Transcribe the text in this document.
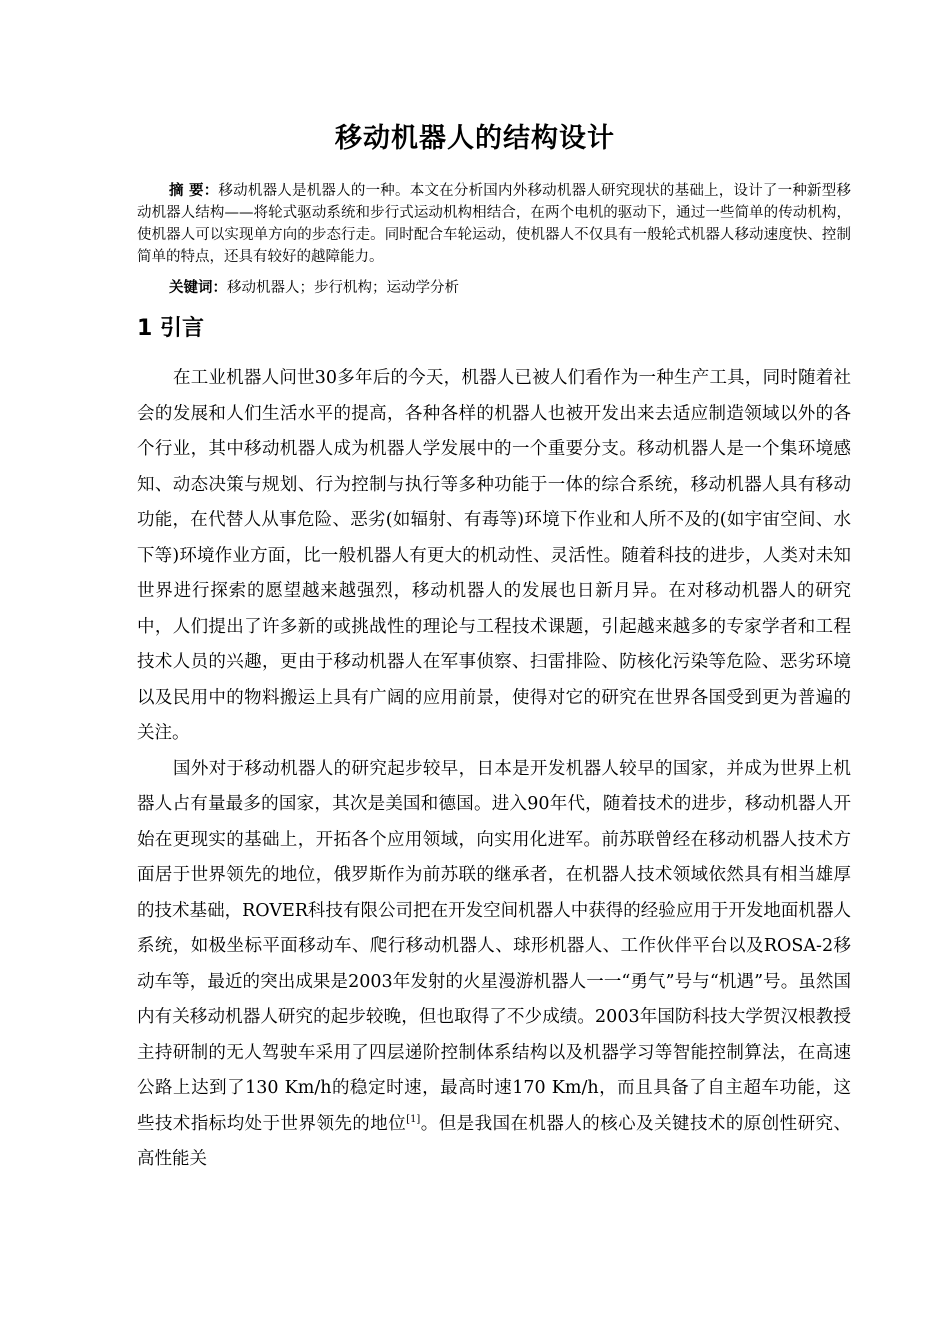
移动机器人的结构设计

摘 要：移动机器人是机器人的一种。本文在分析国内外移动机器人研究现状的基础上，设计了一种新型移动机器人结构——将轮式驱动系统和步行式运动机构相结合，在两个电机的驱动下，通过一些简单的传动机构，使机器人可以实现单方向的步态行走。同时配合车轮运动，使机器人不仅具有一般轮式机器人移动速度快、控制简单的特点，还具有较好的越障能力。

关键词：移动机器人；步行机构；运动学分析

1 引言

在工业机器人问世30多年后的今天，机器人已被人们看作为一种生产工具，同时随着社会的发展和人们生活水平的提高，各种各样的机器人也被开发出来去适应制造领域以外的各个行业，其中移动机器人成为机器人学发展中的一个重要分支。移动机器人是一个集环境感知、动态决策与规划、行为控制与执行等多种功能于一体的综合系统，移动机器人具有移动功能，在代替人从事危险、恶劣(如辐射、有毒等)环境下作业和人所不及的(如宇宙空间、水下等)环境作业方面，比一般机器人有更大的机动性、灵活性。随着科技的进步，人类对未知世界进行探索的愿望越来越强烈，移动机器人的发展也日新月异。在对移动机器人的研究中，人们提出了许多新的或挑战性的理论与工程技术课题，引起越来越多的专家学者和工程技术人员的兴趣，更由于移动机器人在军事侦察、扫雷排险、防核化污染等危险、恶劣环境以及民用中的物料搬运上具有广阔的应用前景，使得对它的研究在世界各国受到更为普遍的关注。

国外对于移动机器人的研究起步较早，日本是开发机器人较早的国家，并成为世界上机器人占有量最多的国家，其次是美国和德国。进入90年代，随着技术的进步，移动机器人开始在更现实的基础上，开拓各个应用领域，向实用化进军。前苏联曾经在移动机器人技术方面居于世界领先的地位，俄罗斯作为前苏联的继承者，在机器人技术领域依然具有相当雄厚的技术基础，ROVER科技有限公司把在开发空间机器人中获得的经验应用于开发地面机器人系统，如极坐标平面移动车、爬行移动机器人、球形机器人、工作伙伴平台以及ROSA-2移动车等，最近的突出成果是2003年发射的火星漫游机器人一一“勇气”号与“机遇”号。虽然国内有关移动机器人研究的起步较晚，但也取得了不少成绩。2003年国防科技大学贺汉根教授主持研制的无人驾驶车采用了四层递阶控制体系结构以及机器学习等智能控制算法，在高速公路上达到了130 Km/h的稳定时速，最高时速170 Km/h，而且具备了自主超车功能，这些技术指标均处于世界领先的地位[1]。但是我国在机器人的核心及关键技术的原创性研究、高性能关
